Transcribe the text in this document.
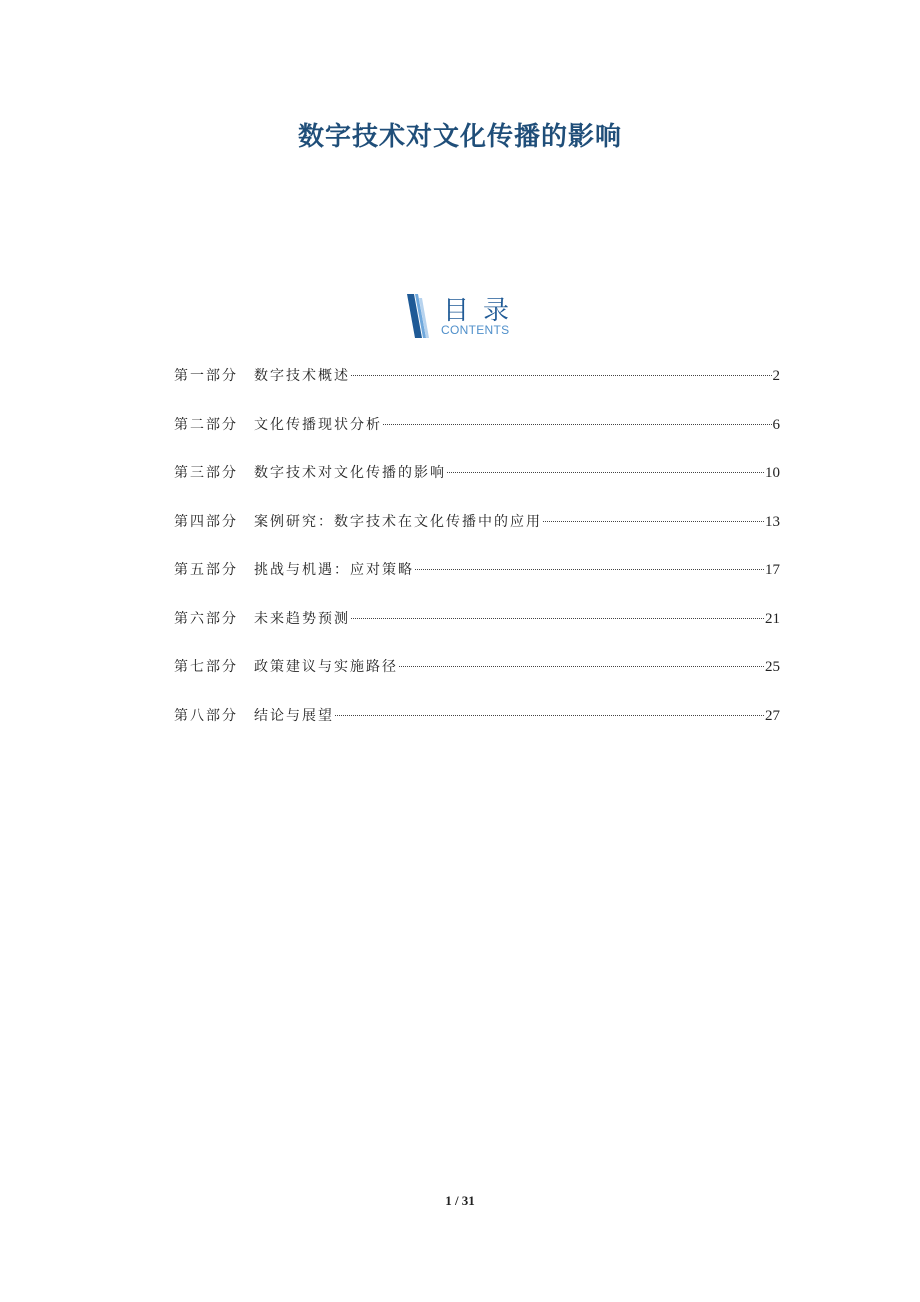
数字技术对文化传播的影响
目录
CONTENTS
第一部分	数字技术概述	2
第二部分	文化传播现状分析	6
第三部分	数字技术对文化传播的影响	10
第四部分	案例研究：数字技术在文化传播中的应用	13
第五部分	挑战与机遇：应对策略	17
第六部分	未来趋势预测	21
第七部分	政策建议与实施路径	25
第八部分	结论与展望	27
1 / 31
